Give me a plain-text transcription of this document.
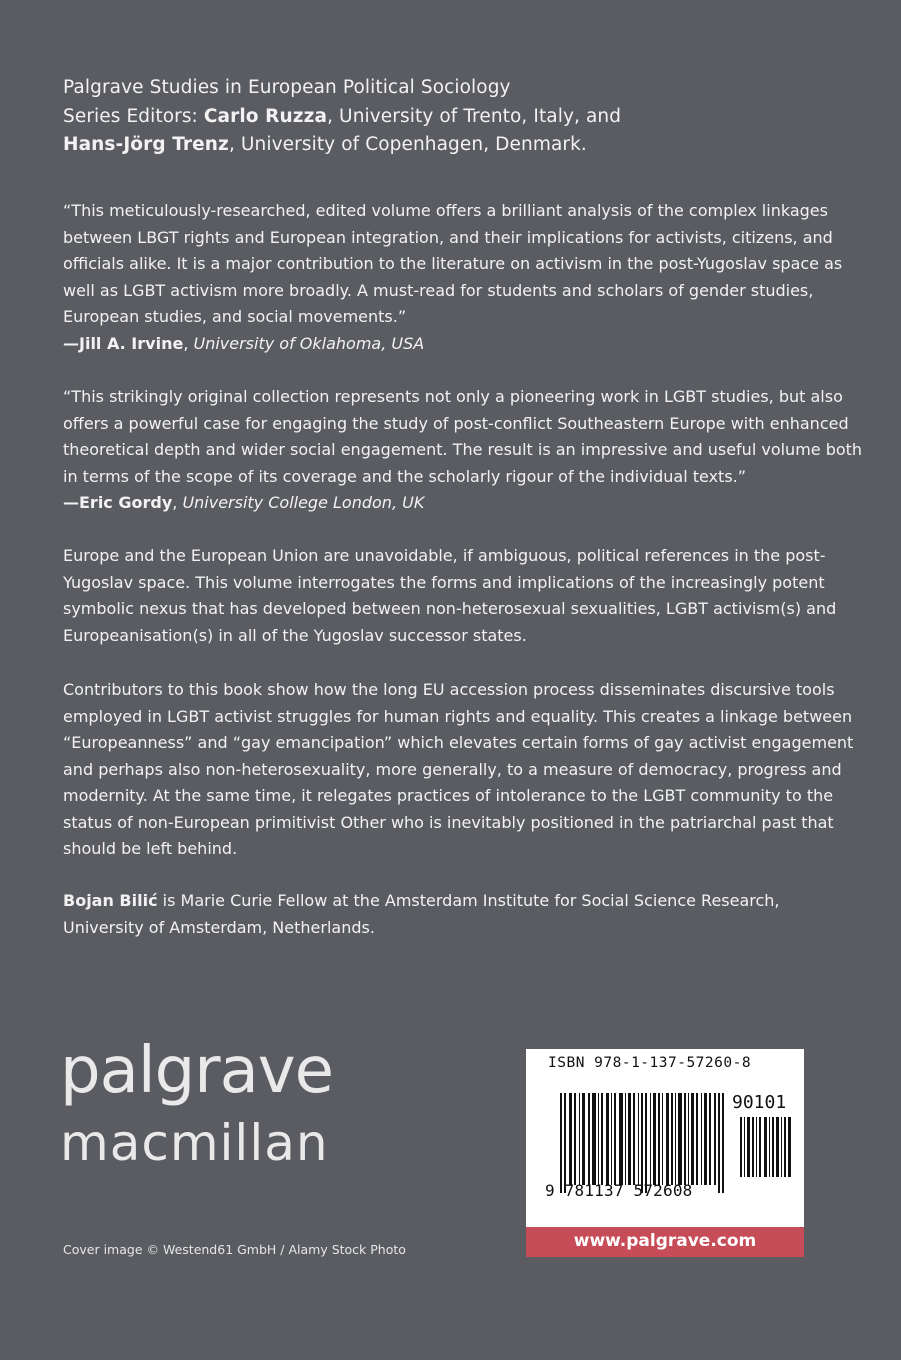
Palgrave Studies in European Political Sociology
Series Editors: Carlo Ruzza, University of Trento, Italy, and
Hans-Jörg Trenz, University of Copenhagen, Denmark.
“This meticulously-researched, edited volume offers a brilliant analysis of the complex linkages between LBGT rights and European integration, and their implications for activists, citizens, and officials alike. It is a major contribution to the literature on activism in the post-Yugoslav space as well as LGBT activism more broadly. A must-read for students and scholars of gender studies, European studies, and social movements.”
—Jill A. Irvine, University of Oklahoma, USA
“This strikingly original collection represents not only a pioneering work in LGBT studies, but also offers a powerful case for engaging the study of post-conflict Southeastern Europe with enhanced theoretical depth and wider social engagement. The result is an impressive and useful volume both in terms of the scope of its coverage and the scholarly rigour of the individual texts.”
—Eric Gordy, University College London, UK
Europe and the European Union are unavoidable, if ambiguous, political references in the post-Yugoslav space. This volume interrogates the forms and implications of the increasingly potent symbolic nexus that has developed between non-heterosexual sexualities, LGBT activism(s) and Europeanisation(s) in all of the Yugoslav successor states.
Contributors to this book show how the long EU accession process disseminates discursive tools employed in LGBT activist struggles for human rights and equality. This creates a linkage between “Europeanness” and “gay emancipation” which elevates certain forms of gay activist engagement and perhaps also non-heterosexuality, more generally, to a measure of democracy, progress and modernity. At the same time, it relegates practices of intolerance to the LGBT community to the status of non-European primitivist Other who is inevitably positioned in the patriarchal past that should be left behind.
Bojan Bilić is Marie Curie Fellow at the Amsterdam Institute for Social Science Research, University of Amsterdam, Netherlands.
palgrave
macmillan
Cover image © Westend61 GmbH / Alamy Stock Photo
ISBN 978-1-137-57260-8
90101
9 781137 572608
www.palgrave.com
